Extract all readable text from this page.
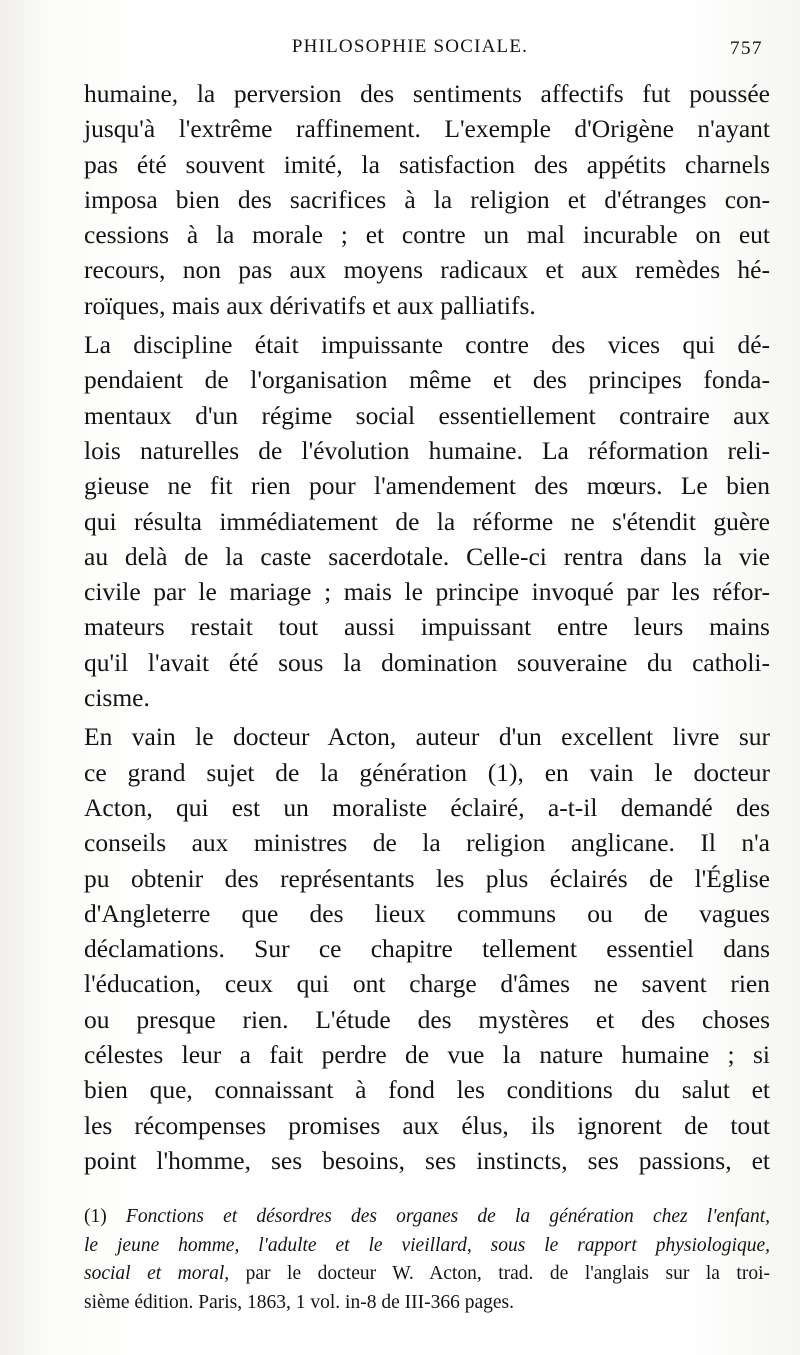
PHILOSOPHIE SOCIALE.	757
humaine, la perversion des sentiments affectifs fut poussée
jusqu'à l'extrême raffinement. L'exemple d'Origène n'ayant
pas été souvent imité, la satisfaction des appétits charnels
imposa bien des sacrifices à la religion et d'étranges con-
cessions à la morale ; et contre un mal incurable on eut
recours, non pas aux moyens radicaux et aux remèdes hé-
roïques, mais aux dérivatifs et aux palliatifs.
La discipline était impuissante contre des vices qui dé-
pendaient de l'organisation même et des principes fonda-
mentaux d'un régime social essentiellement contraire aux
lois naturelles de l'évolution humaine. La réformation reli-
gieuse ne fit rien pour l'amendement des mœurs. Le bien
qui résulta immédiatement de la réforme ne s'étendit guère
au delà de la caste sacerdotale. Celle-ci rentra dans la vie
civile par le mariage ; mais le principe invoqué par les réfor-
mateurs restait tout aussi impuissant entre leurs mains
qu'il l'avait été sous la domination souveraine du catholi-
cisme.
En vain le docteur Acton, auteur d'un excellent livre sur
ce grand sujet de la génération (1), en vain le docteur
Acton, qui est un moraliste éclairé, a-t-il demandé des
conseils aux ministres de la religion anglicane. Il n'a
pu obtenir des représentants les plus éclairés de l'Église
d'Angleterre que des lieux communs ou de vagues
déclamations. Sur ce chapitre tellement essentiel dans
l'éducation, ceux qui ont charge d'âmes ne savent rien
ou presque rien. L'étude des mystères et des choses
célestes leur a fait perdre de vue la nature humaine ; si
bien que, connaissant à fond les conditions du salut et
les récompenses promises aux élus, ils ignorent de tout
point l'homme, ses besoins, ses instincts, ses passions, et
(1) Fonctions et désordres des organes de la génération chez l'enfant,
le jeune homme, l'adulte et le vieillard, sous le rapport physiologique,
social et moral, par le docteur W. Acton, trad. de l'anglais sur la troi-
sième édition. Paris, 1863, 1 vol. in-8 de III-366 pages.
